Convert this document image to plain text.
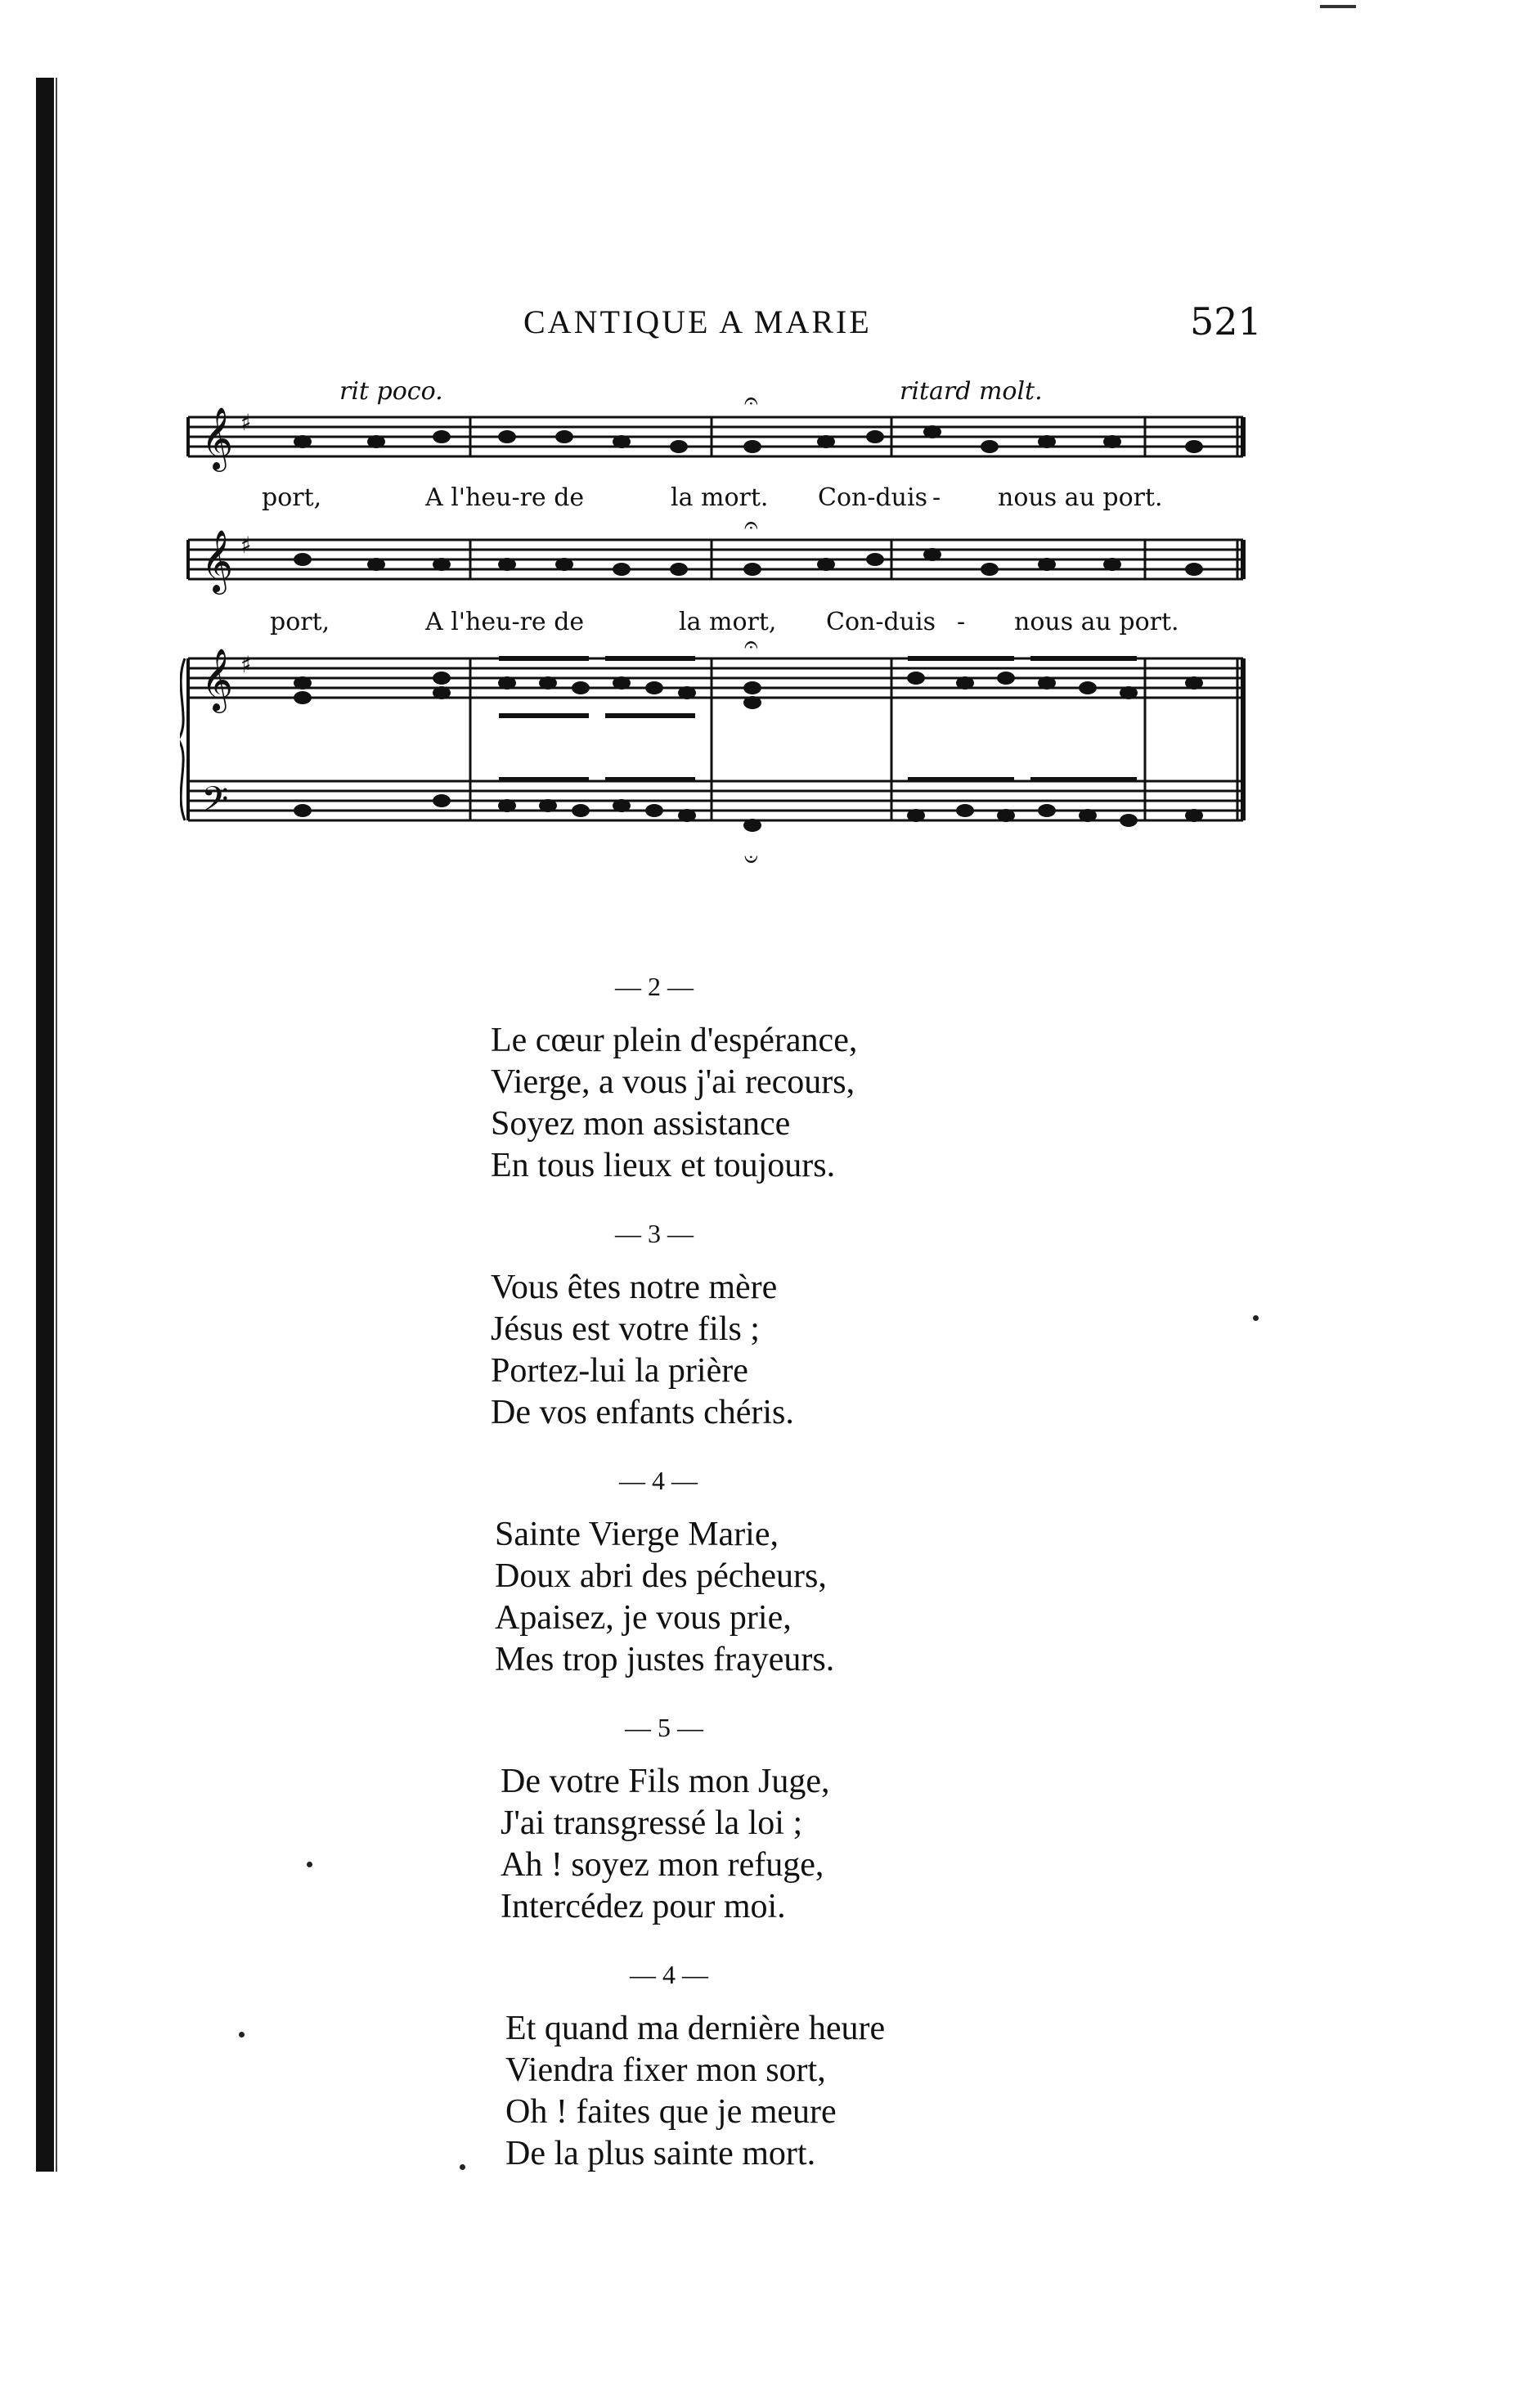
CANTIQUE A MARIE	521
𝄞 ♯
𝄐
rit poco.	ritard molt.
port,	A l'heu-re de	la mort. Con-duis - nous au port.
𝄞 ♯
𝄐
port,	A l'heu-re de	la mort, Con-duis - nous au port.
𝄞
𝄢
♯
𝄐
𝄑
— 2 —
Le cœur plein d'espérance,
Vierge, a vous j'ai recours,
Soyez mon assistance
En tous lieux et toujours.
— 3 —
Vous êtes notre mère
Jésus est votre fils ;
Portez-lui la prière
De vos enfants chéris.
— 4 —
Sainte Vierge Marie,
Doux abri des pécheurs,
Apaisez, je vous prie,
Mes trop justes frayeurs.
— 5 —
De votre Fils mon Juge,
J'ai transgressé la loi ;
Ah ! soyez mon refuge,
Intercédez pour moi.
— 4 —
Et quand ma dernière heure
Viendra fixer mon sort,
Oh ! faites que je meure
De la plus sainte mort.
